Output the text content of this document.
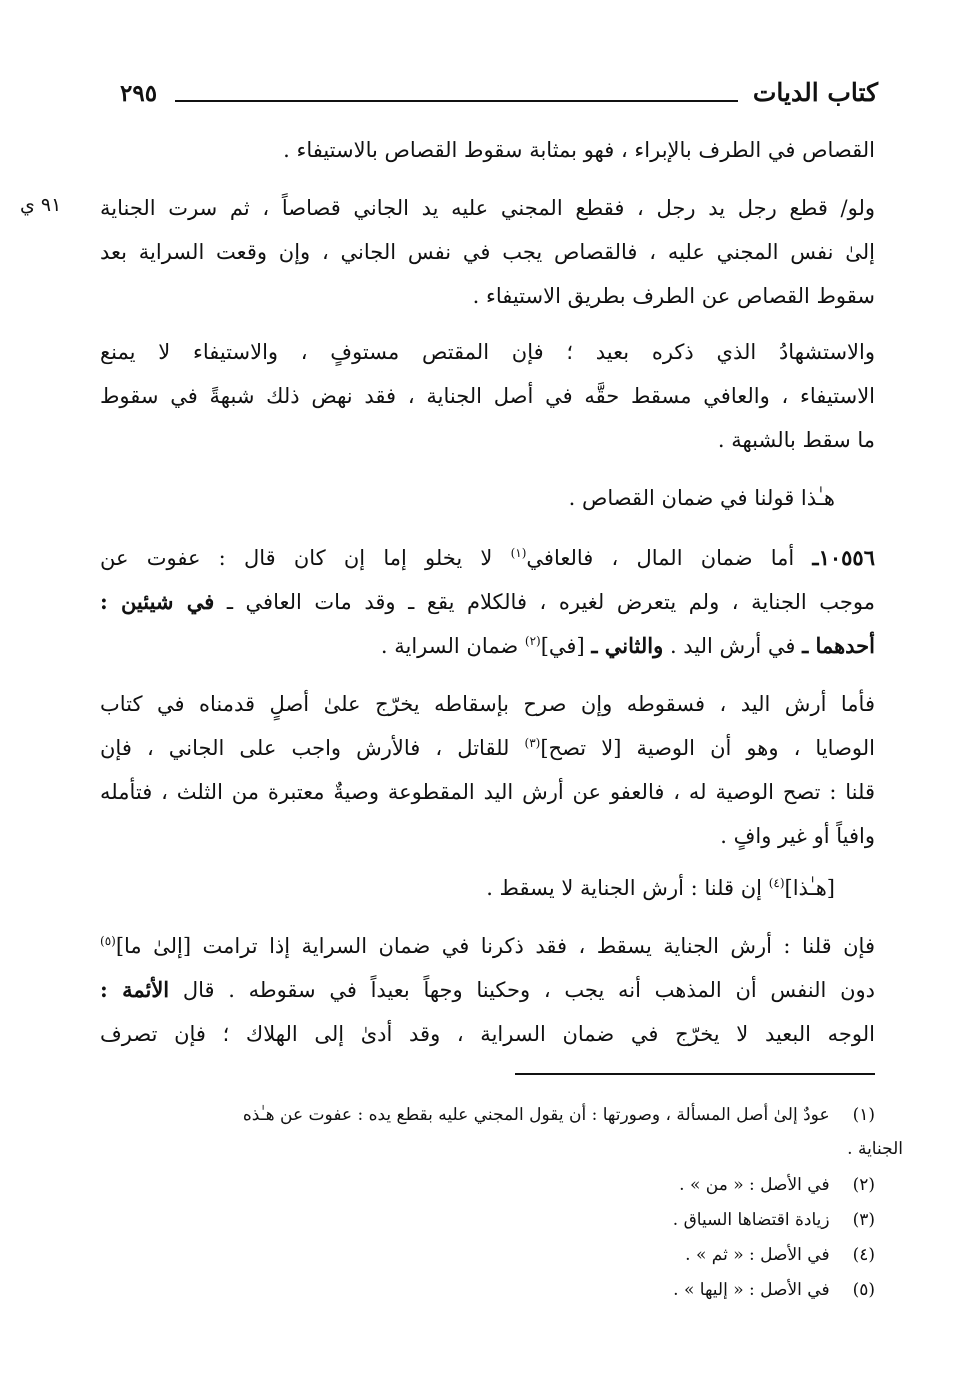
كتاب الديات
٢٩٥
٩١ ي
القصاص في الطرف بالإبراء ، فهو بمثابة سقوط القصاص بالاستيفاء .
ولو/ قطع رجل يد رجل ، فقطع المجني عليه يد الجاني قصاصاً ، ثم سرت الجناية
إلىٰ نفس المجني عليه ، فالقصاص يجب في نفس الجاني ، وإن وقعت السراية بعد
سقوط القصاص عن الطرف بطريق الاستيفاء .
والاستشهادُ الذي ذكره بعيد ؛ فإن المقتص مستوفٍ ، والاستيفاء لا يمنع
الاستيفاء ، والعافي مسقط حقَّه في أصل الجناية ، فقد نهض ذلك شبهةً في سقوط
ما سقط بالشبهة .
هـٰذا قولنا في ضمان القصاص .
١٠٥٥٦ـ أما ضمان المال ، فالعافي$^{(١)}$ لا يخلو إما إن كان قال : عفوت عن
موجب الجناية ، ولم يتعرض لغيره ، فالكلام يقع ـ وقد مات العافي ـ في شيئين :
أحدهما ـ في أرش اليد . والثاني ـ [في]$^{(٢)}$ ضمان السراية .
فأما أرش اليد ، فسقوطه وإن صرح بإسقاطه يخرّج علىٰ أصلٍ قدمناه في كتاب
الوصايا ، وهو أن الوصية [لا تصح]$^{(٣)}$ للقاتل ، فالأرش واجب على الجاني ، فإن
قلنا : تصح الوصية له ، فالعفو عن أرش اليد المقطوعة وصيةٌ معتبرة من الثلث ، فتأمله
وافياً أو غير وافٍ .
[هـٰذا]$^{(٤)}$ إن قلنا : أرش الجناية لا يسقط .
فإن قلنا : أرش الجناية يسقط ، فقد ذكرنا في ضمان السراية إذا ترامت [إلىٰ ما]$^{(٥)}$
دون النفس أن المذهب أنه يجب ، وحكينا وجهاً بعيداً في سقوطه . قال الأئمة :
الوجه البعيد لا يخرّج في ضمان السراية ، وقد أدىٰ إلى الهلاك ؛ فإن تصرف
(١) عودٌ إلىٰ أصل المسألة ، وصورتها : أن يقول المجني عليه بقطع يده : عفوت عن هـٰذه
الجناية .
(٢) في الأصل : « من » .
(٣) زيادة اقتضاها السياق .
(٤) في الأصل : « ثم » .
(٥) في الأصل : « إليها » .
